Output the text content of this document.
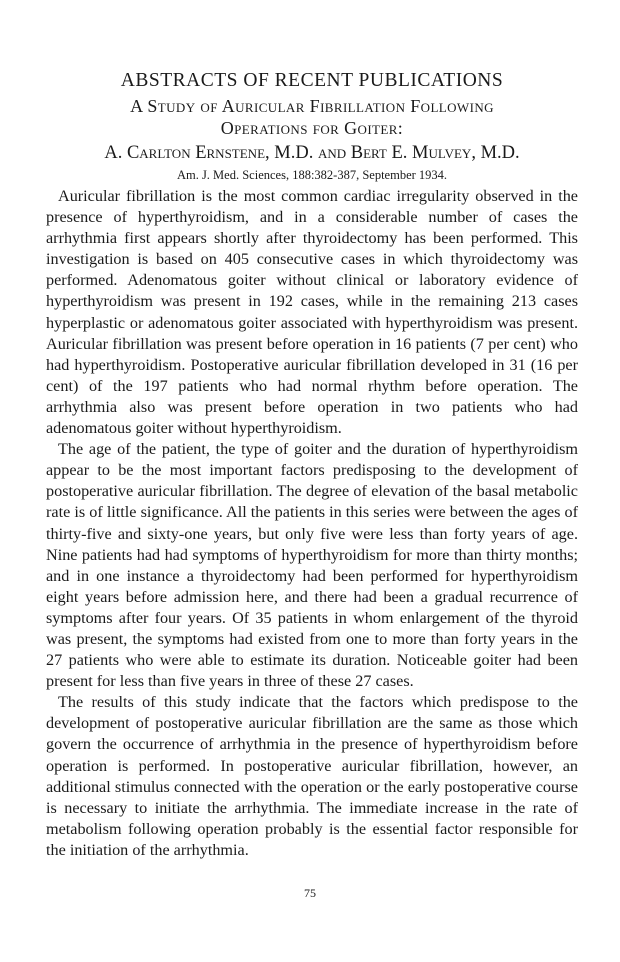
ABSTRACTS OF RECENT PUBLICATIONS
A Study of Auricular Fibrillation Following
Operations for Goiter:
A. Carlton Ernstene, M.D. and Bert E. Mulvey, M.D.
Am. J. Med. Sciences, 188:382-387, September 1934.

Auricular fibrillation is the most common cardiac irregularity observed in the presence of hyperthyroidism, and in a considerable number of cases the arrhythmia first appears shortly after thyroidectomy has been performed. This investigation is based on 405 consecutive cases in which thyroidectomy was performed. Adenomatous goiter without clinical or laboratory evidence of hyperthyroidism was present in 192 cases, while in the remaining 213 cases hyperplastic or adenomatous goiter associated with hyperthyroidism was present. Auricular fibrillation was present before operation in 16 patients (7 per cent) who had hyperthyroidism. Postoperative auricular fibrillation developed in 31 (16 per cent) of the 197 patients who had normal rhythm before operation. The arrhythmia also was present before operation in two patients who had adenomatous goiter without hyperthyroidism.

The age of the patient, the type of goiter and the duration of hyperthyroidism appear to be the most important factors predisposing to the development of postoperative auricular fibrillation. The degree of elevation of the basal metabolic rate is of little significance. All the patients in this series were between the ages of thirty-five and sixty-one years, but only five were less than forty years of age. Nine patients had had symptoms of hyperthyroidism for more than thirty months; and in one instance a thyroidectomy had been performed for hyperthyroidism eight years before admission here, and there had been a gradual recurrence of symptoms after four years. Of 35 patients in whom enlargement of the thyroid was present, the symptoms had existed from one to more than forty years in the 27 patients who were able to estimate its duration. Noticeable goiter had been present for less than five years in three of these 27 cases.

The results of this study indicate that the factors which predispose to the development of postoperative auricular fibrillation are the same as those which govern the occurrence of arrhythmia in the presence of hyperthyroidism before operation is performed. In postoperative auricular fibrillation, however, an additional stimulus connected with the operation or the early postoperative course is necessary to initiate the arrhythmia. The immediate increase in the rate of metabolism following operation probably is the essential factor responsible for the initiation of the arrhythmia.

75
